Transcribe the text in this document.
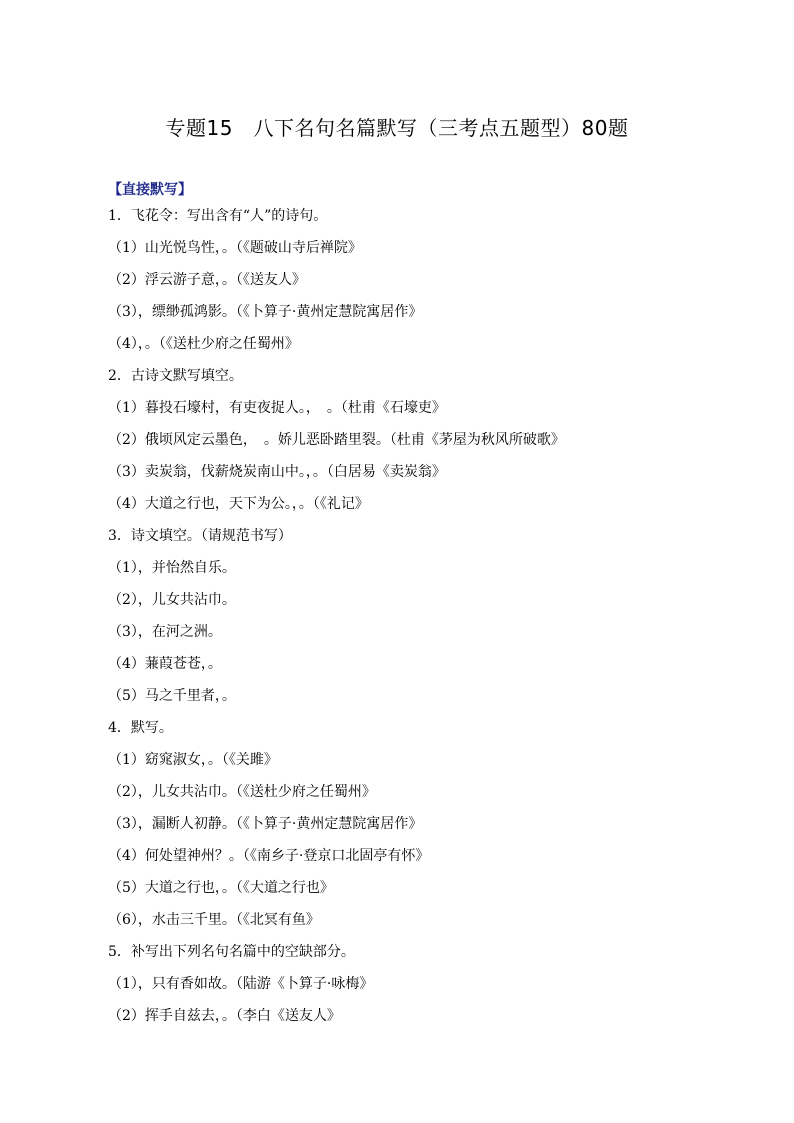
专题15　八下名句名篇默写（三考点五题型）80题
【直接默写】
1．飞花令：写出含有“人”的诗句。
（1）山光悦鸟性，。（《题破山寺后禅院》
（2）浮云游子意，。（《送友人》
（3），缥缈孤鸿影。（《卜算子·黄州定慧院寓居作》
（4），。（《送杜少府之任蜀州》
2．古诗文默写填空。
（1）暮投石壕村，有吏夜捉人。，　。（杜甫《石壕吏》
（2）俄顷风定云墨色，　。娇儿恶卧踏里裂。（杜甫《茅屋为秋风所破歌》
（3）卖炭翁，伐薪烧炭南山中。，。（白居易《卖炭翁》
（4）大道之行也，天下为公。，。（《礼记》
3．诗文填空。（请规范书写）
（1），并怡然自乐。
（2），儿女共沾巾。
（3），在河之洲。
（4）蒹葭苍苍，。
（5）马之千里者，。
4．默写。
（1）窈窕淑女，。（《关雎》
（2），儿女共沾巾。（《送杜少府之任蜀州》
（3），漏断人初静。（《卜算子·黄州定慧院寓居作》
（4）何处望神州？。（《南乡子·登京口北固亭有怀》
（5）大道之行也，。（《大道之行也》
（6），水击三千里。（《北冥有鱼》
5．补写出下列名句名篇中的空缺部分。
（1），只有香如故。（陆游《卜算子·咏梅》
（2）挥手自兹去，。（李白《送友人》
